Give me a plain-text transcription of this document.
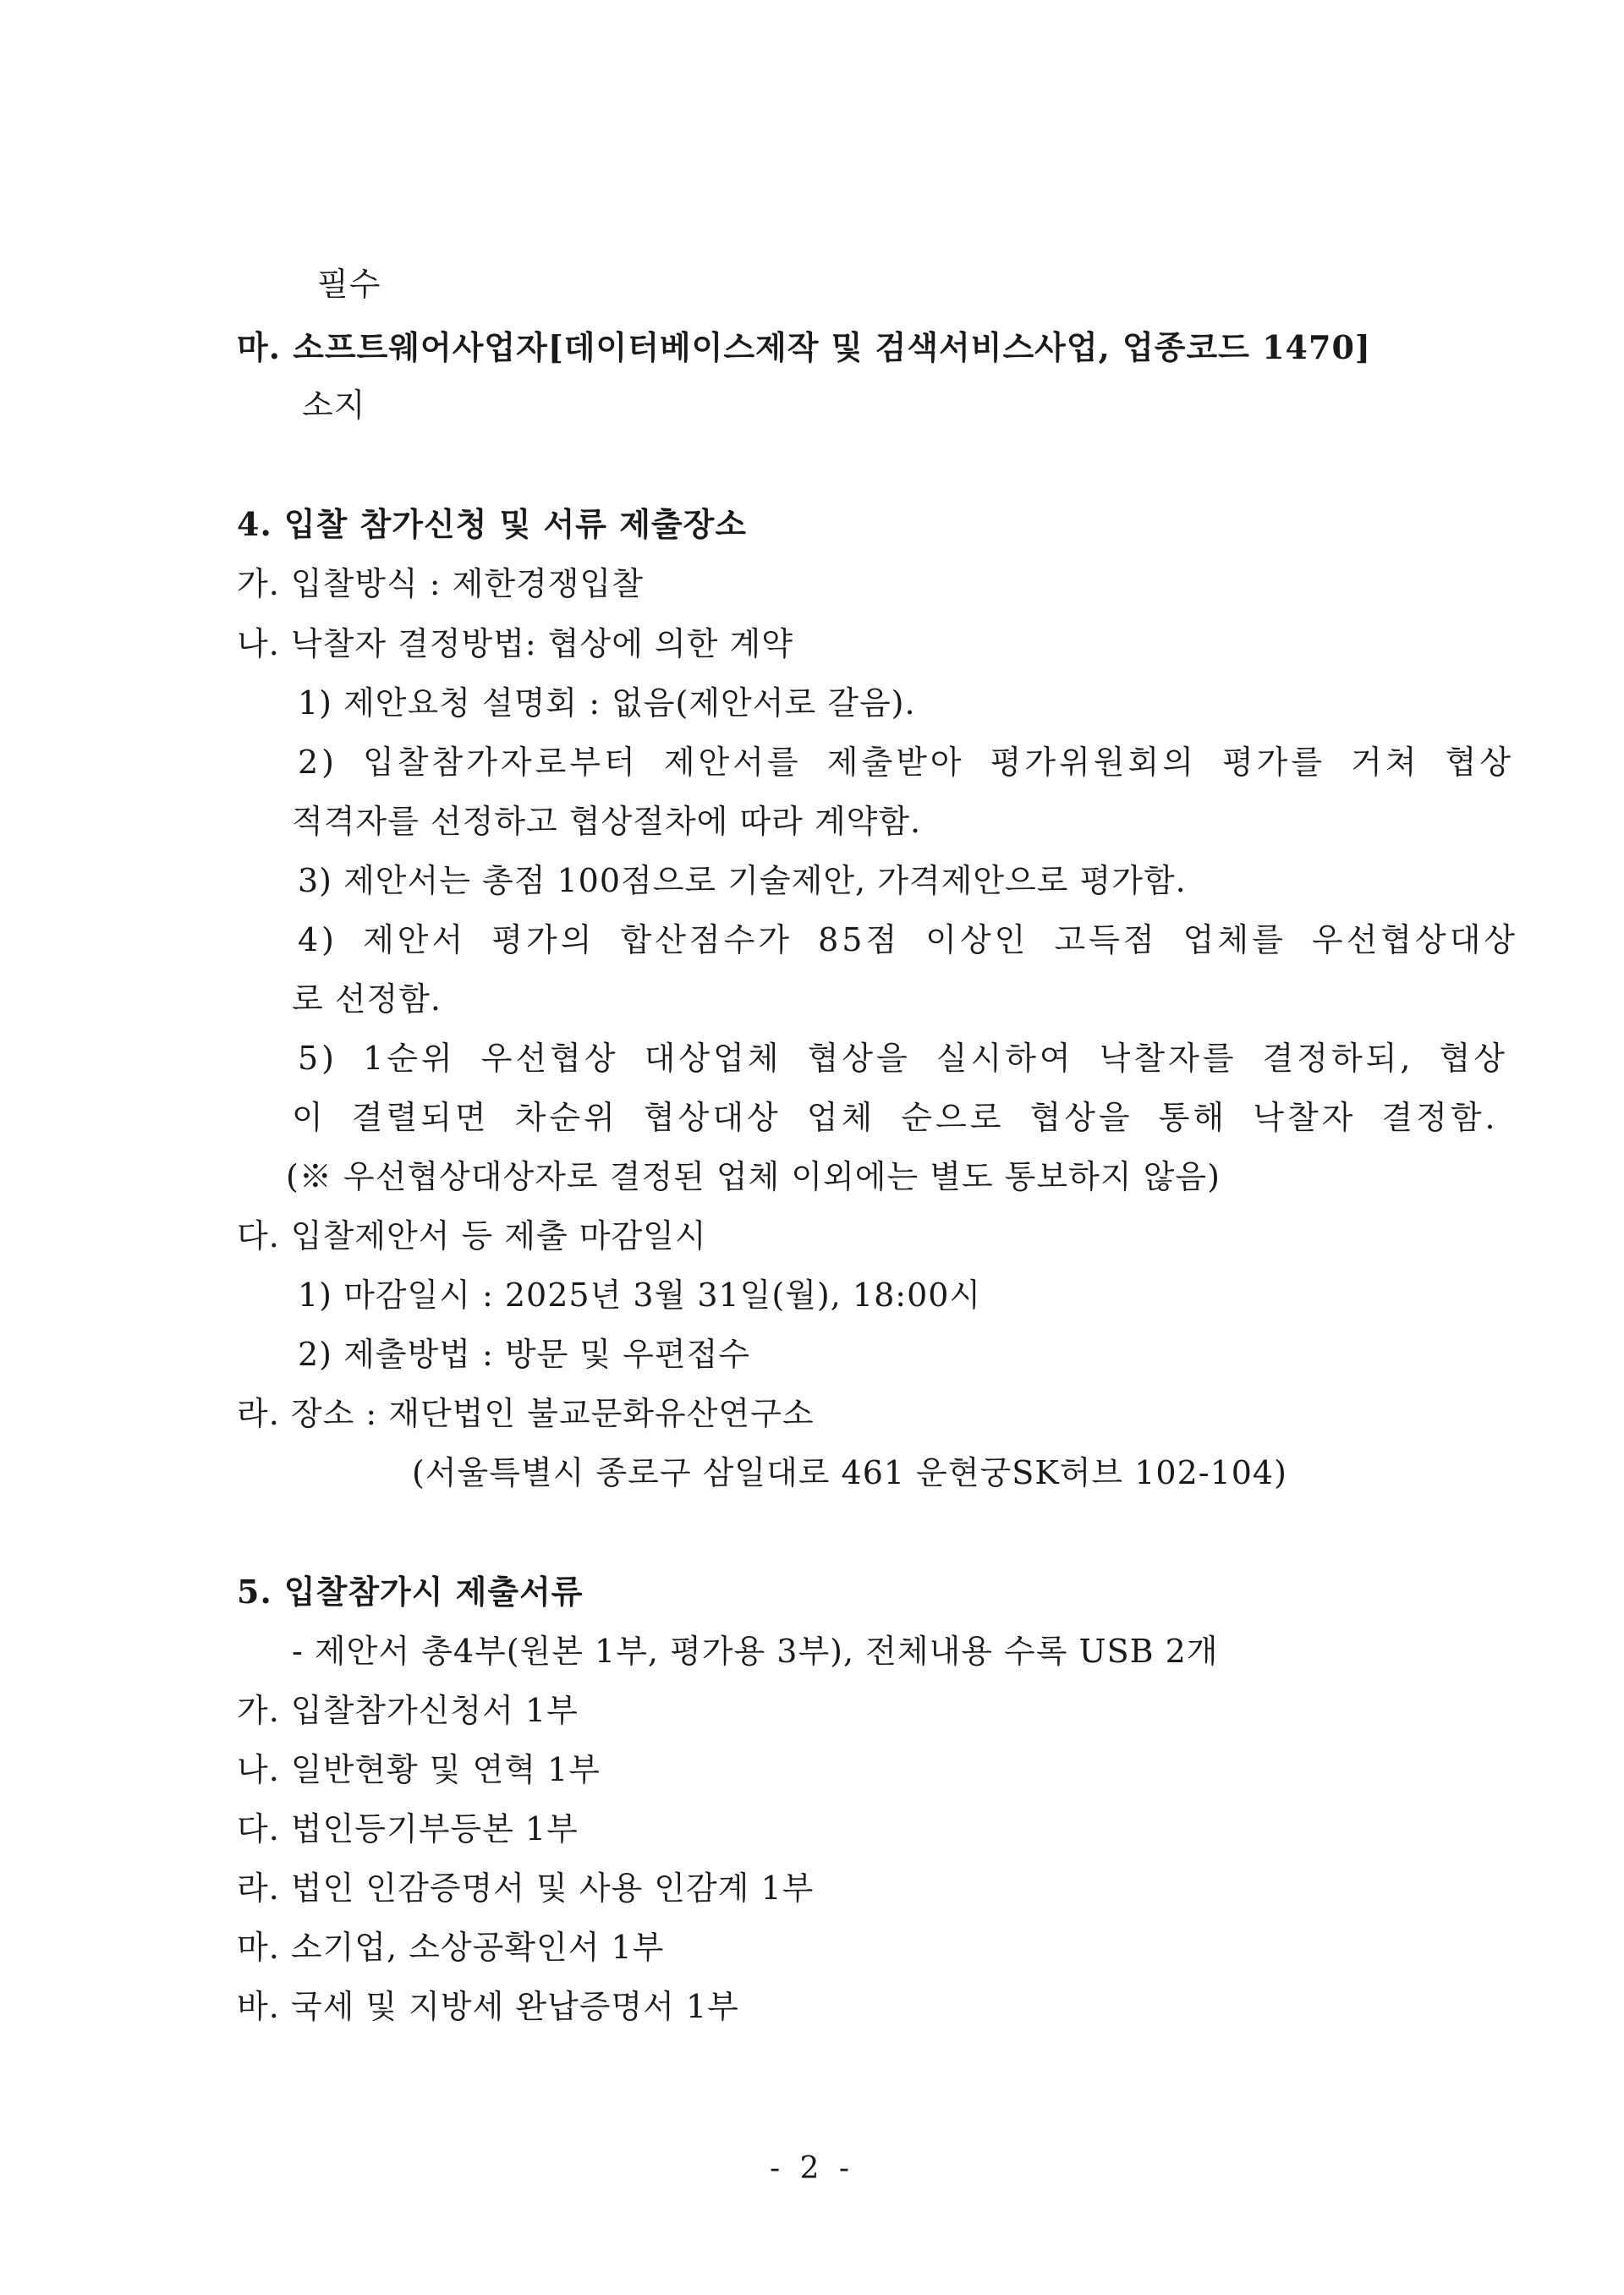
필수
마. 소프트웨어사업자[데이터베이스제작 및 검색서비스사업, 업종코드 1470]
소지
4. 입찰 참가신청 및 서류 제출장소
가. 입찰방식 : 제한경쟁입찰
나. 낙찰자 결정방법: 협상에 의한 계약
1) 제안요청 설명회 : 없음(제안서로 갈음).
2) 입찰참가자로부터 제안서를 제출받아 평가위원회의 평가를 거쳐 협상
적격자를 선정하고 협상절차에 따라 계약함.
3) 제안서는 총점 100점으로 기술제안, 가격제안으로 평가함.
4) 제안서 평가의 합산점수가 85점 이상인 고득점 업체를 우선협상대상
로 선정함.
5) 1순위 우선협상 대상업체 협상을 실시하여 낙찰자를 결정하되, 협상
이 결렬되면 차순위 협상대상 업체 순으로 협상을 통해 낙찰자 결정함.
(※ 우선협상대상자로 결정된 업체 이외에는 별도 통보하지 않음)
다. 입찰제안서 등 제출 마감일시
1) 마감일시 : 2025년 3월 31일(월), 18:00시
2) 제출방법 : 방문 및 우편접수
라. 장소 : 재단법인 불교문화유산연구소
(서울특별시 종로구 삼일대로 461 운현궁SK허브 102-104)
5. 입찰참가시 제출서류
- 제안서 총4부(원본 1부, 평가용 3부), 전체내용 수록 USB 2개
가. 입찰참가신청서 1부
나. 일반현황 및 연혁 1부
다. 법인등기부등본 1부
라. 법인 인감증명서 및 사용 인감계 1부
마. 소기업, 소상공확인서 1부
바. 국세 및 지방세 완납증명서 1부
- 2 -
